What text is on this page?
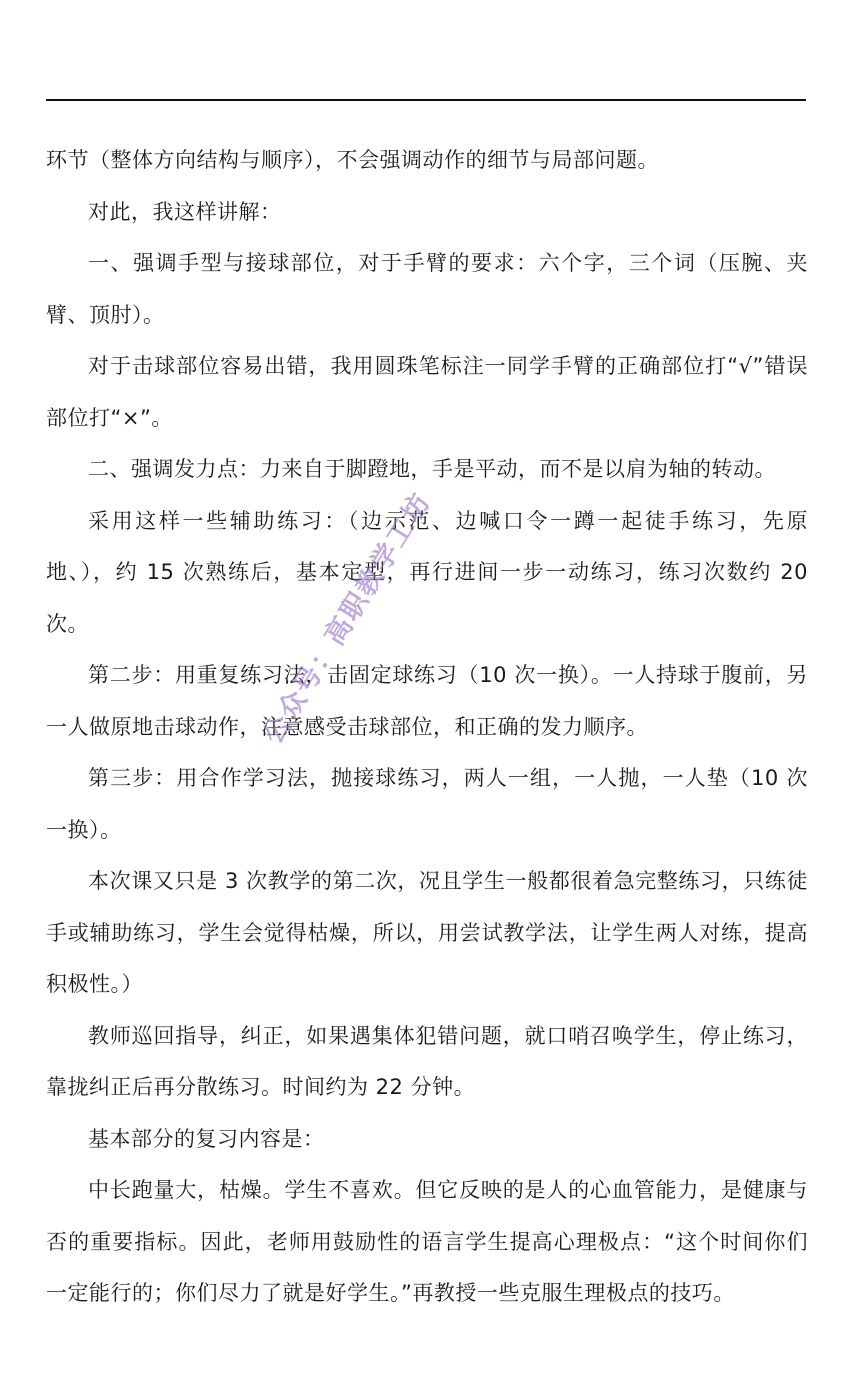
环节（整体方向结构与顺序），不会强调动作的细节与局部问题。

对此，我这样讲解：

一、强调手型与接球部位，对于手臂的要求：六个字，三个词（压腕、夹臂、顶肘）。

对于击球部位容易出错，我用圆珠笔标注一同学手臂的正确部位打“√”错误部位打“×”。

二、强调发力点：力来自于脚蹬地，手是平动，而不是以肩为轴的转动。

采用这样一些辅助练习：（边示范、边喊口令一蹲一起徒手练习，先原地、），约 15 次熟练后，基本定型，再行进间一步一动练习，练习次数约 20 次。

第二步：用重复练习法，击固定球练习（10 次一换）。一人持球于腹前，另一人做原地击球动作，注意感受击球部位，和正确的发力顺序。

第三步：用合作学习法，抛接球练习，两人一组，一人抛，一人垫（10 次一换）。

本次课又只是 3 次教学的第二次，况且学生一般都很着急完整练习，只练徒手或辅助练习，学生会觉得枯燥，所以，用尝试教学法，让学生两人对练，提高积极性。）

教师巡回指导，纠正，如果遇集体犯错问题，就口哨召唤学生，停止练习，靠拢纠正后再分散练习。时间约为 22 分钟。

基本部分的复习内容是：

中长跑量大，枯燥。学生不喜欢。但它反映的是人的心血管能力，是健康与否的重要指标。因此，老师用鼓励性的语言学生提高心理极点：“这个时间你们一定能行的；你们尽力了就是好学生。”再教授一些克服生理极点的技巧。

公众号：高职教学工坊
